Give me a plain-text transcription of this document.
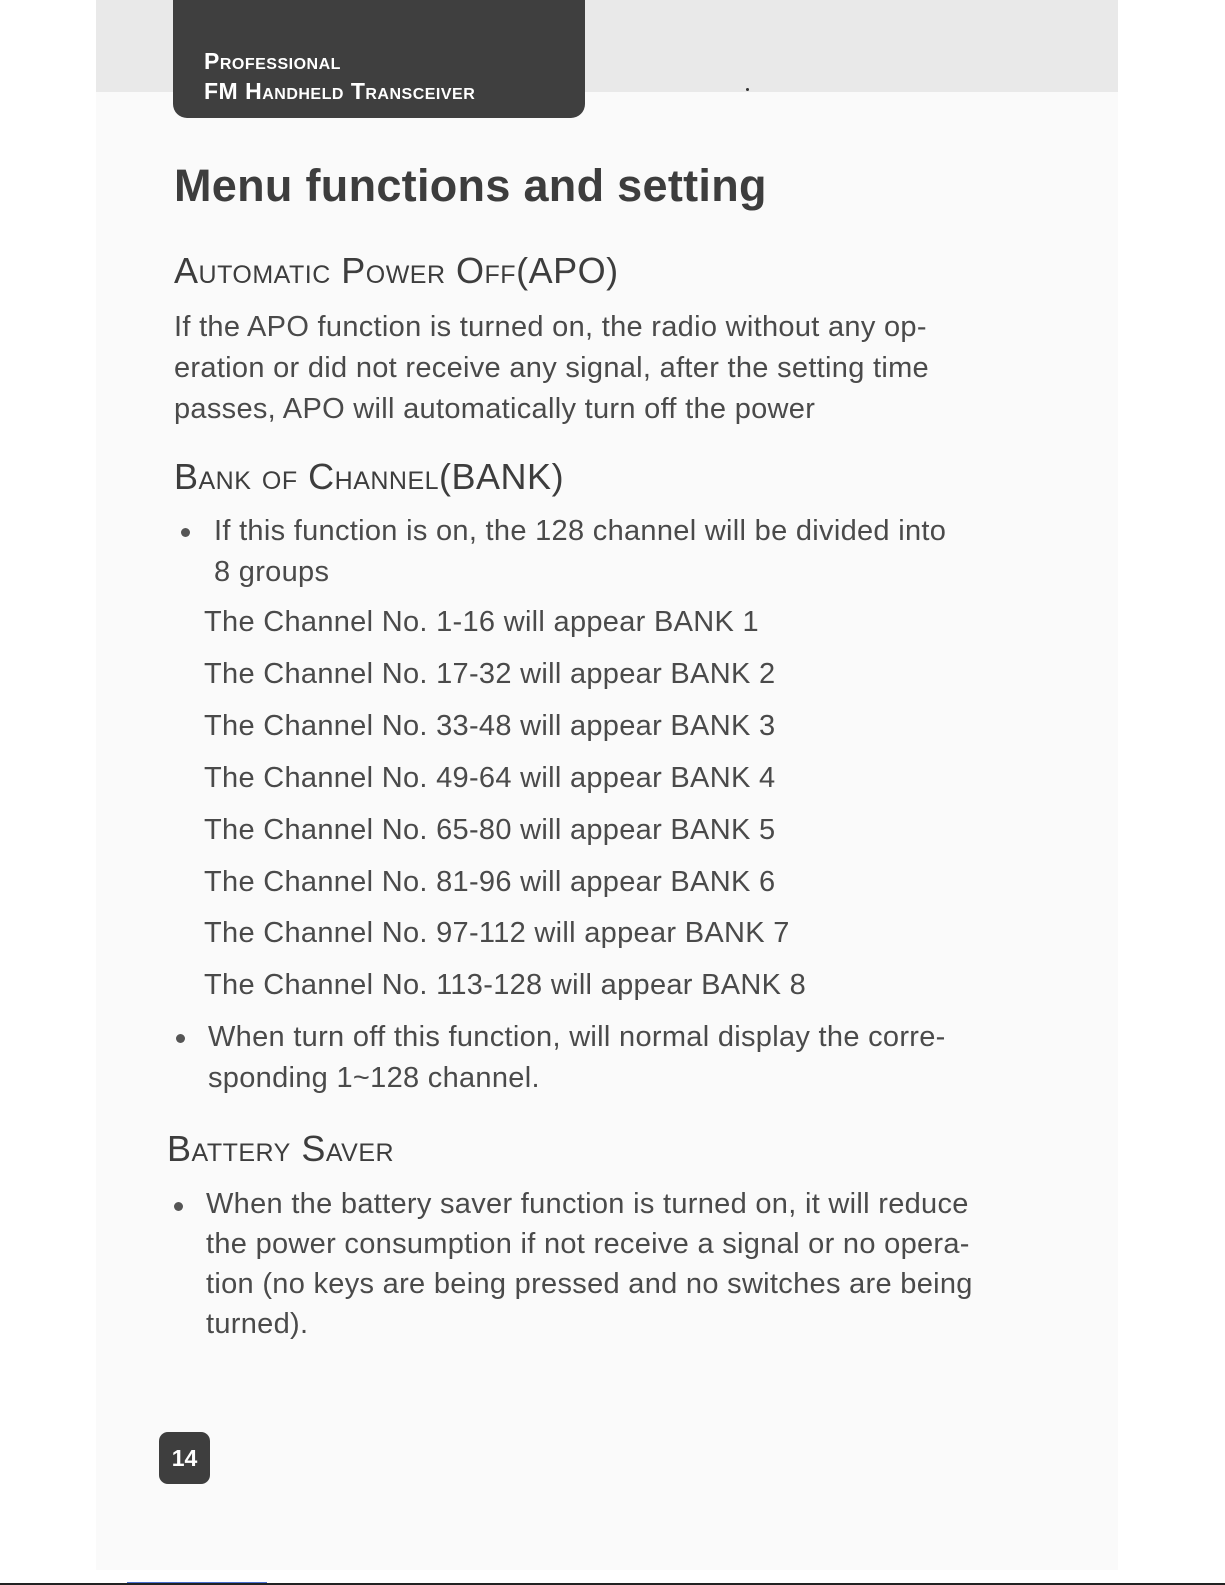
Professional
FM Handheld Transceiver
Menu functions and setting
Automatic Power Off(APO)

If the APO function is turned on, the radio without any op-

eration or did not receive any signal, after the setting time

passes, APO will automatically turn off the power

Bank of Channel(BANK)

If this function is on, the 128 channel will be divided into

8 groups

The Channel No. 1-16 will appear BANK 1
The Channel No. 17-32 will appear BANK 2
The Channel No. 33-48 will appear BANK 3
The Channel No. 49-64 will appear BANK 4
The Channel No. 65-80 will appear BANK 5
The Channel No. 81-96 will appear BANK 6
The Channel No. 97-112 will appear BANK 7
The Channel No. 113-128 will appear BANK 8

When turn off this function, will normal display the corre-

sponding 1~128 channel.

Battery Saver

When the battery saver function is turned on, it will reduce

the power consumption if not receive a signal or no opera-

tion (no keys are being pressed and no switches are being

turned).

14
